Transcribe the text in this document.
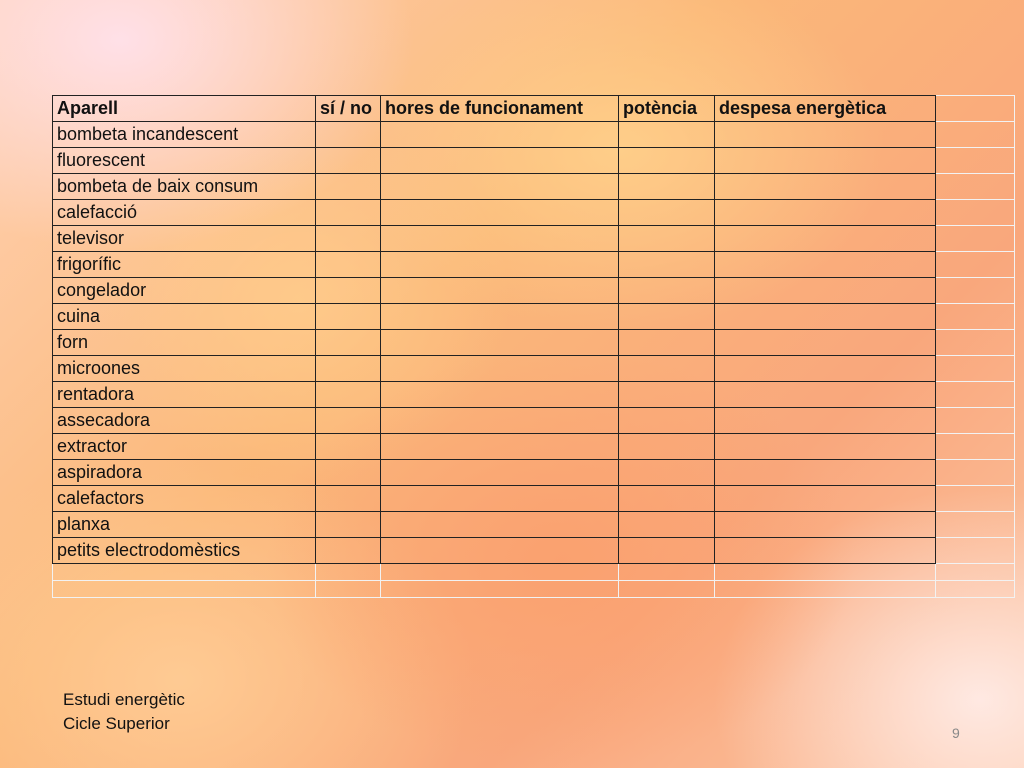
Aparell	sí / no	hores de funcionament	potència	despesa energètica	
bombeta incandescent					
fluorescent					
bombeta de baix consum					
calefacció					
televisor					
frigorífic					
congelador					
cuina					
forn					
microones					
rentadora					
assecadora					
extractor					
aspiradora					
calefactors					
planxa					
petits electrodomèstics					

Estudi energètic
Cicle Superior	9
